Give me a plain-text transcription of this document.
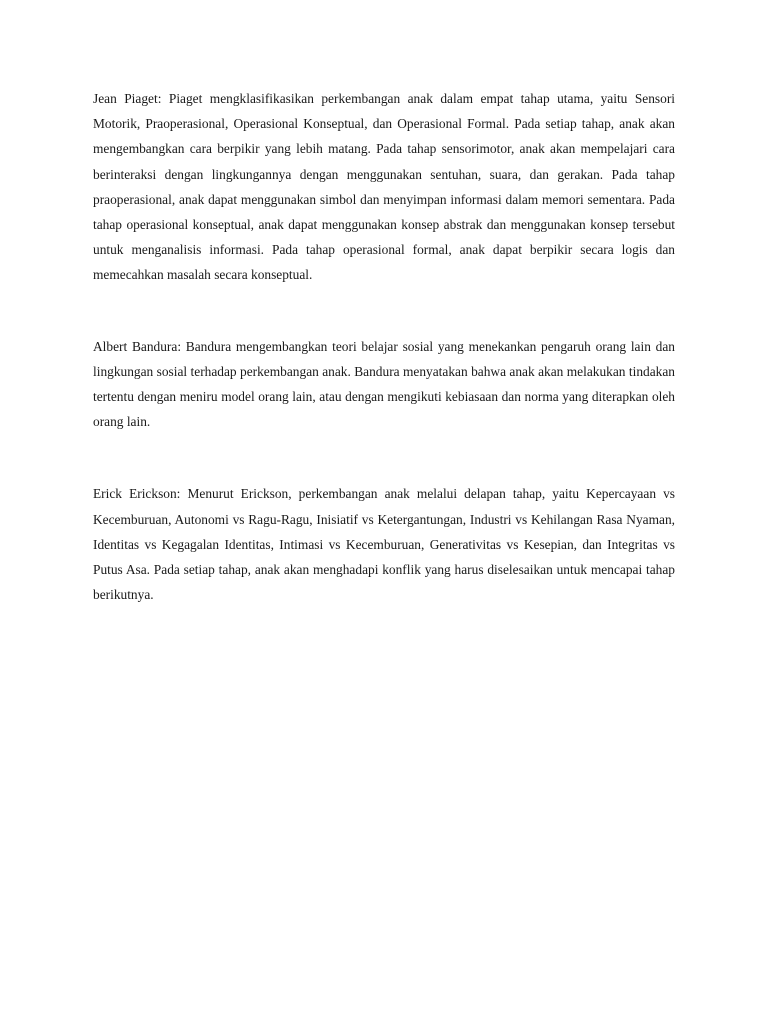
Jean Piaget: Piaget mengklasifikasikan perkembangan anak dalam empat tahap utama, yaitu Sensori Motorik, Praoperasional, Operasional Konseptual, dan Operasional Formal. Pada setiap tahap, anak akan mengembangkan cara berpikir yang lebih matang. Pada tahap sensorimotor, anak akan mempelajari cara berinteraksi dengan lingkungannya dengan menggunakan sentuhan, suara, dan gerakan. Pada tahap praoperasional, anak dapat menggunakan simbol dan menyimpan informasi dalam memori sementara. Pada tahap operasional konseptual, anak dapat menggunakan konsep abstrak dan menggunakan konsep tersebut untuk menganalisis informasi. Pada tahap operasional formal, anak dapat berpikir secara logis dan memecahkan masalah secara konseptual.

Albert Bandura: Bandura mengembangkan teori belajar sosial yang menekankan pengaruh orang lain dan lingkungan sosial terhadap perkembangan anak. Bandura menyatakan bahwa anak akan melakukan tindakan tertentu dengan meniru model orang lain, atau dengan mengikuti kebiasaan dan norma yang diterapkan oleh orang lain.

Erick Erickson: Menurut Erickson, perkembangan anak melalui delapan tahap, yaitu Kepercayaan vs Kecemburuan, Autonomi vs Ragu-Ragu, Inisiatif vs Ketergantungan, Industri vs Kehilangan Rasa Nyaman, Identitas vs Kegagalan Identitas, Intimasi vs Kecemburuan, Generativitas vs Kesepian, dan Integritas vs Putus Asa. Pada setiap tahap, anak akan menghadapi konflik yang harus diselesaikan untuk mencapai tahap berikutnya.
